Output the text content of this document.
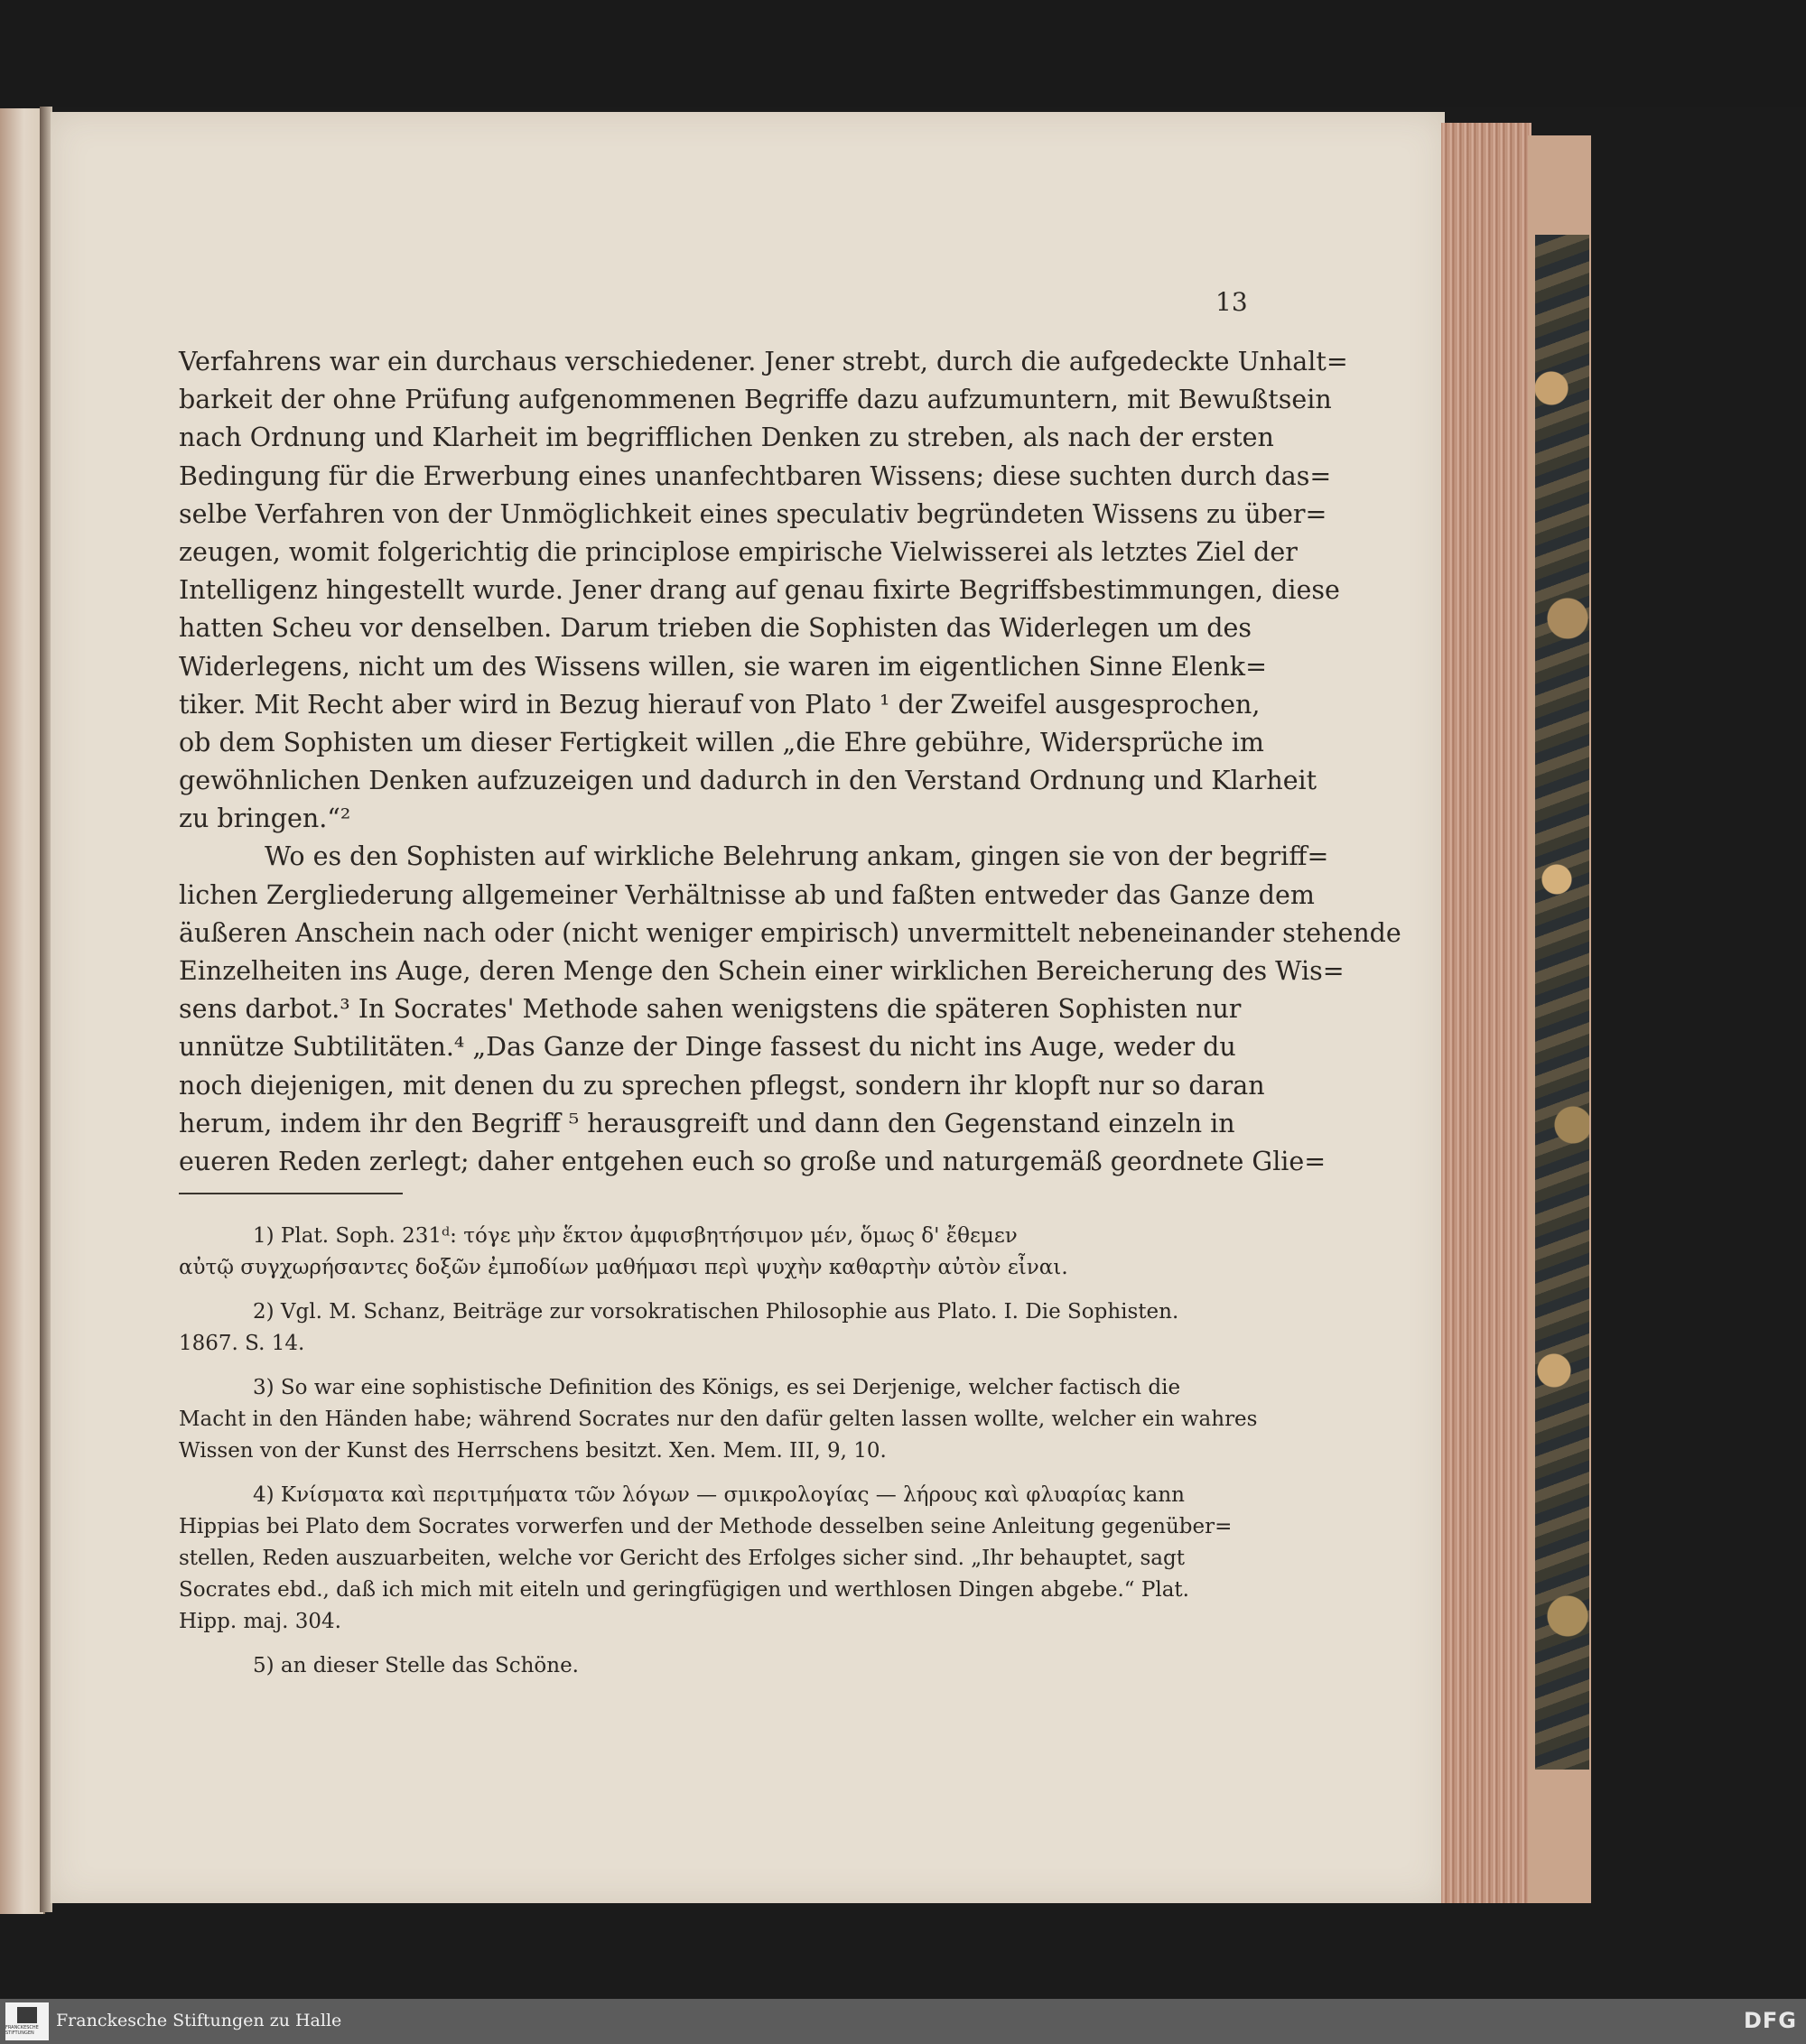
13
Verfahrens war ein durchaus verschiedener. Jener strebt, durch die aufgedeckte Unhalt=
barkeit der ohne Prüfung aufgenommenen Begriffe dazu aufzumuntern, mit Bewußtsein
nach Ordnung und Klarheit im begrifflichen Denken zu streben, als nach der ersten
Bedingung für die Erwerbung eines unanfechtbaren Wissens; diese suchten durch das=
selbe Verfahren von der Unmöglichkeit eines speculativ begründeten Wissens zu über=
zeugen, womit folgerichtig die principlose empirische Vielwisserei als letztes Ziel der
Intelligenz hingestellt wurde. Jener drang auf genau fixirte Begriffsbestimmungen, diese
hatten Scheu vor denselben. Darum trieben die Sophisten das Widerlegen um des
Widerlegens, nicht um des Wissens willen, sie waren im eigentlichen Sinne Elenk=
tiker. Mit Recht aber wird in Bezug hierauf von Plato ¹ der Zweifel ausgesprochen,
ob dem Sophisten um dieser Fertigkeit willen „die Ehre gebühre, Widersprüche im
gewöhnlichen Denken aufzuzeigen und dadurch in den Verstand Ordnung und Klarheit
zu bringen.“²
Wo es den Sophisten auf wirkliche Belehrung ankam, gingen sie von der begriff=
lichen Zergliederung allgemeiner Verhältnisse ab und faßten entweder das Ganze dem
äußeren Anschein nach oder (nicht weniger empirisch) unvermittelt nebeneinander stehende
Einzelheiten ins Auge, deren Menge den Schein einer wirklichen Bereicherung des Wis=
sens darbot.³ In Socrates' Methode sahen wenigstens die späteren Sophisten nur
unnütze Subtilitäten.⁴ „Das Ganze der Dinge fassest du nicht ins Auge, weder du
noch diejenigen, mit denen du zu sprechen pflegst, sondern ihr klopft nur so daran
herum, indem ihr den Begriff ⁵ herausgreift und dann den Gegenstand einzeln in
eueren Reden zerlegt; daher entgehen euch so große und naturgemäß geordnete Glie=
1) Plat. Soph. 231ᵈ: τόγε μὴν ἕκτον ἀμφισβητήσιμον μέν, ὅμως δ' ἔθεμεν
αὐτῷ συγχωρήσαντες δοξῶν ἐμποδίων μαθήμασι περὶ ψυχὴν καθαρτὴν αὐτὸν εἶναι.
2) Vgl. M. Schanz, Beiträge zur vorsokratischen Philosophie aus Plato. I. Die Sophisten.
1867. S. 14.
3) So war eine sophistische Definition des Königs, es sei Derjenige, welcher factisch die
Macht in den Händen habe; während Socrates nur den dafür gelten lassen wollte, welcher ein wahres
Wissen von der Kunst des Herrschens besitzt. Xen. Mem. III, 9, 10.
4) Κνίσματα καὶ περιτμήματα τῶν λόγων — σμικρολογίας — λήρους καὶ φλυαρίας kann
Hippias bei Plato dem Socrates vorwerfen und der Methode desselben seine Anleitung gegenüber=
stellen, Reden auszuarbeiten, welche vor Gericht des Erfolges sicher sind. „Ihr behauptet, sagt
Socrates ebd., daß ich mich mit eiteln und geringfügigen und werthlosen Dingen abgebe.“ Plat.
Hipp. maj. 304.
5) an dieser Stelle das Schöne.
FRANCKESCHE STIFTUNGEN
Franckesche Stiftungen zu Halle	DFG
